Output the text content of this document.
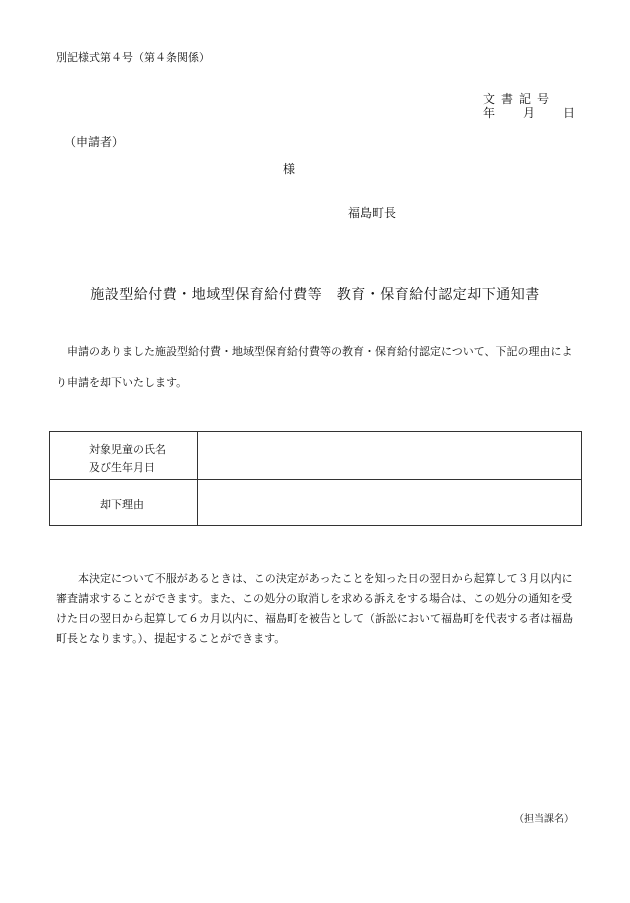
別記様式第４号（第４条関係）
文書記号
年 月 日
（申請者）
様
福島町長
施設型給付費・地域型保育給付費等　教育・保育給付認定却下通知書
申請のありました施設型給付費・地域型保育給付費等の教育・保育給付認定について、下記の理由により申請を却下いたします。
対象児童の氏名
及び生年月日
却下理由
本決定について不服があるときは、この決定があったことを知った日の翌日から起算して３月以内に審査請求することができます。また、この処分の取消しを求める訴えをする場合は、この処分の通知を受けた日の翌日から起算して６カ月以内に、福島町を被告として（訴訟において福島町を代表する者は福島町長となります。）、提起することができます。
（担当課名）
